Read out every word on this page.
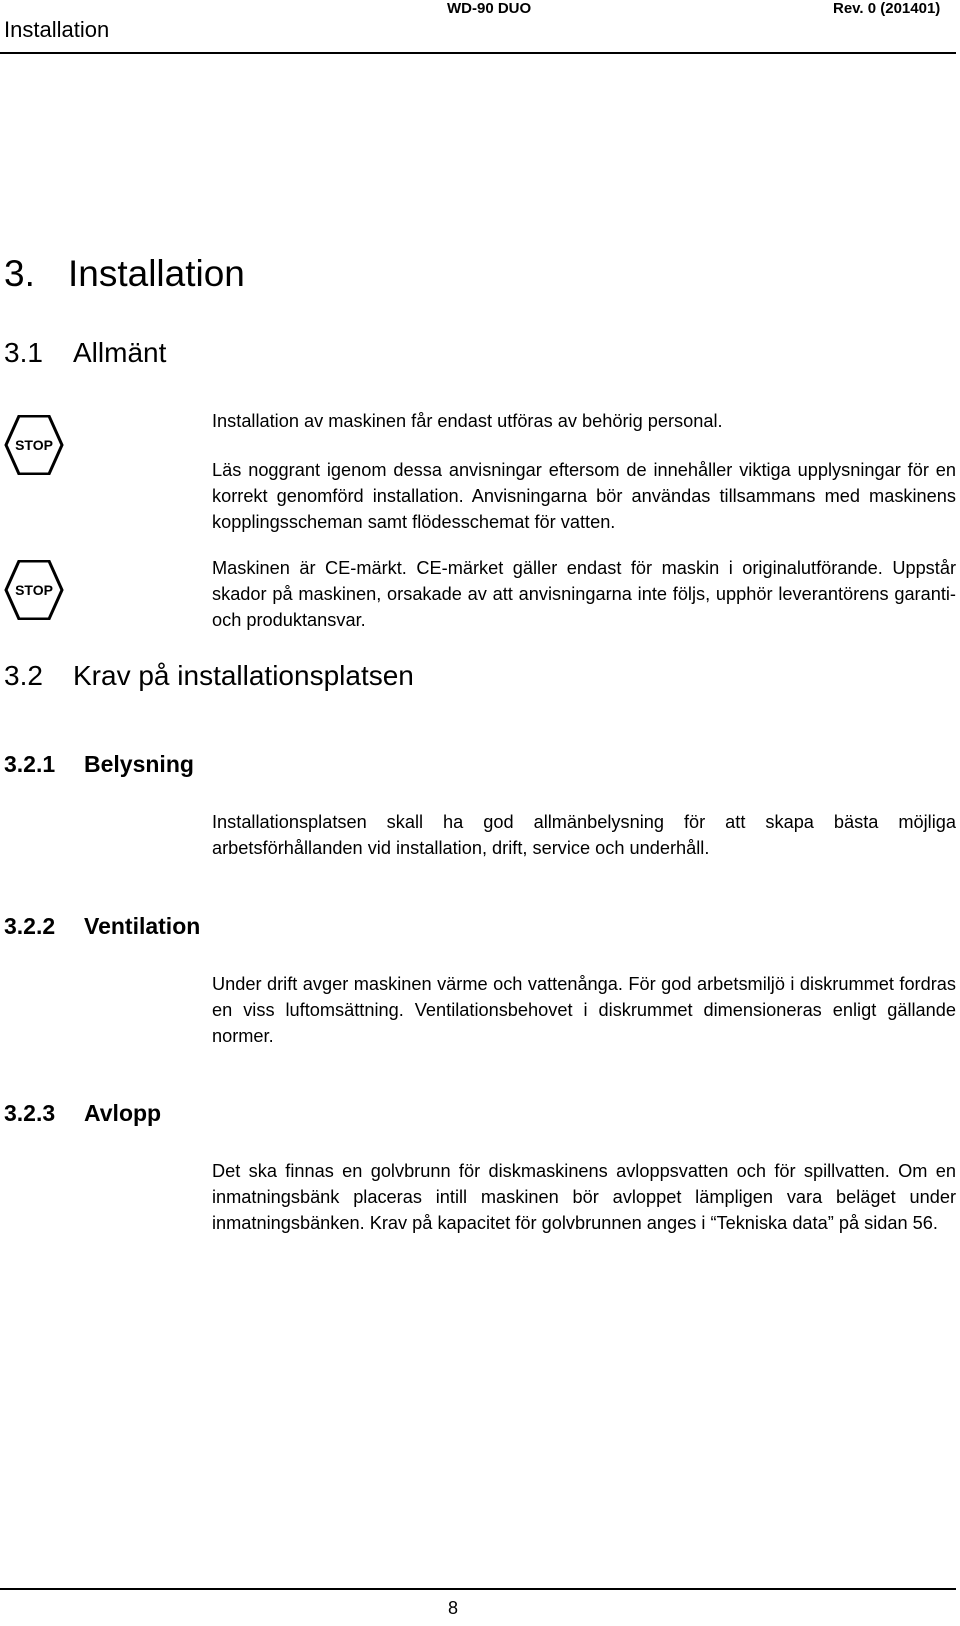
Installation
WD-90 DUO	Rev. 0 (201401)
3. Installation
3.1 Allmänt
STOP

Installation av maskinen får endast utföras av behörig personal.

Läs noggrant igenom dessa anvisningar eftersom de innehåller viktiga upplysningar för en korrekt genomförd installation. Anvisningarna bör användas tillsammans med maskinens kopplingsscheman samt flödesschemat för vatten.

STOP

Maskinen är CE-märkt. CE-märket gäller endast för maskin i originalutförande. Uppstår skador på maskinen, orsakade av att anvisningarna inte följs, upphör leverantörens garanti- och produktansvar.

3.2 Krav på installationsplatsen
3.2.1 Belysning

Installationsplatsen skall ha god allmänbelysning för att skapa bästa möjliga arbetsförhållanden vid installation, drift, service och underhåll.

3.2.2 Ventilation

Under drift avger maskinen värme och vattenånga. För god arbetsmiljö i diskrummet fordras en viss luftomsättning. Ventilationsbehovet i diskrummet dimensioneras enligt gällande normer.

3.2.3 Avlopp

Det ska finnas en golvbrunn för diskmaskinens avloppsvatten och för spillvatten. Om en inmatningsbänk placeras intill maskinen bör avloppet lämpligen vara beläget under inmatningsbänken. Krav på kapacitet för golvbrunnen anges i “Tekniska data” på sidan 56.

8
